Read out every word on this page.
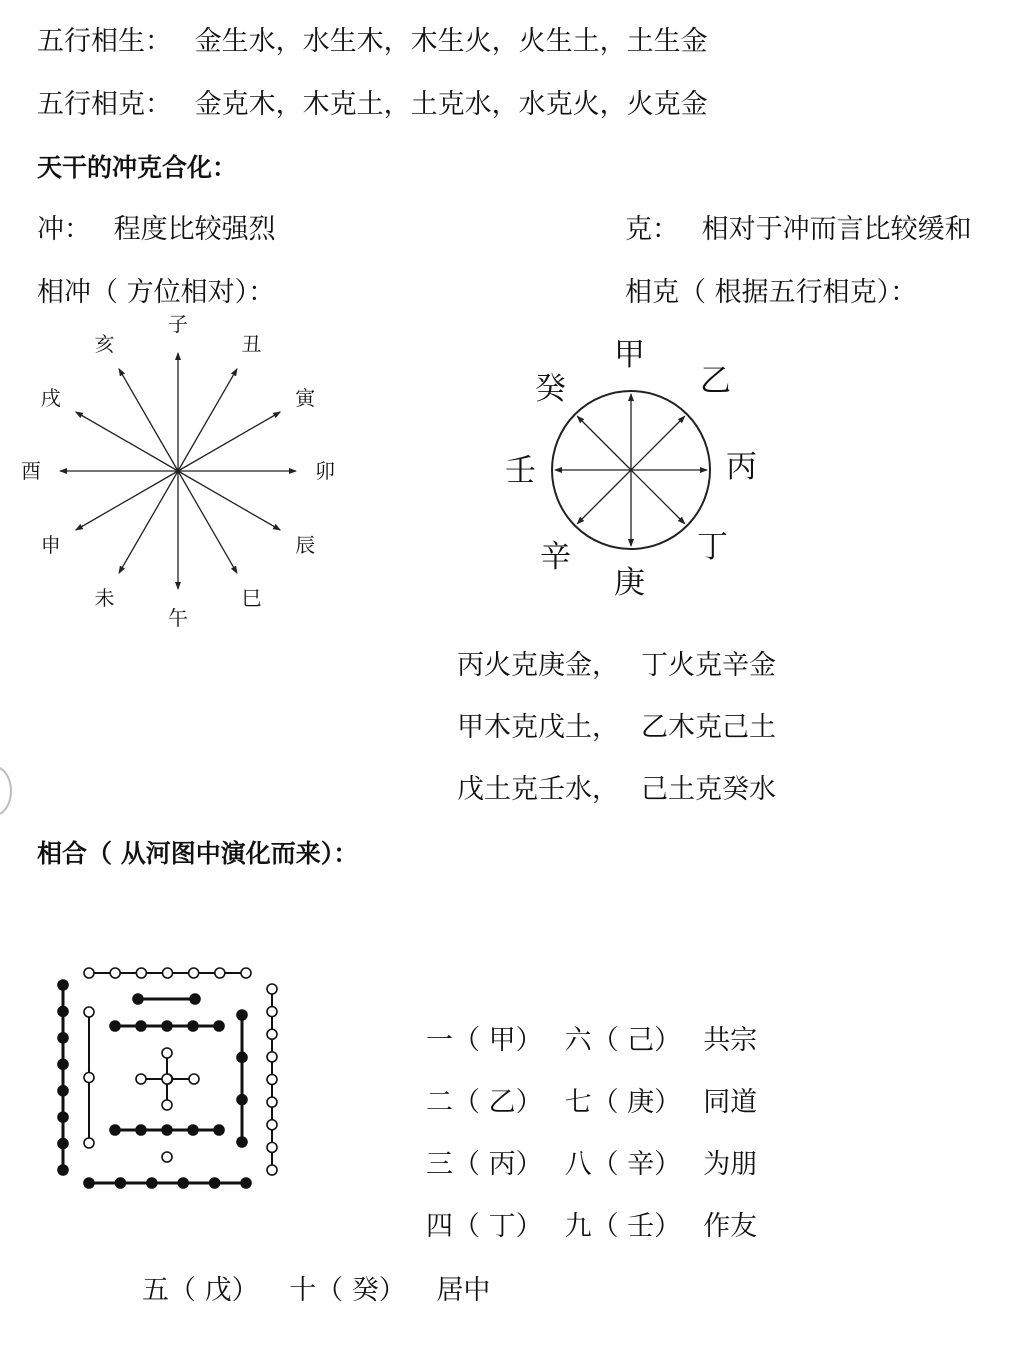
五行相生： 金生水，水生木，木生火，火生土，土生金
五行相克： 金克木，木克土，土克水，水克火，火克金
天干的冲克合化：
冲： 程度比较强烈	克： 相对于冲而言比较缓和
相冲（ 方位相对）：	相克（ 根据五行相克）：
子
丑
寅
卯
辰
巳
午
未
申
酉
戌
亥	甲
乙
丙
丁
庚
辛
壬
癸
丙火克庚金， 丁火克辛金
甲木克戊土， 乙木克己土
戊土克壬水， 己土克癸水
相合（ 从河图中演化而来）：
一（ 甲） 六（ 己） 共宗
二（ 乙） 七（ 庚） 同道
三（ 丙） 八（ 辛） 为朋
四（ 丁） 九（ 壬） 作友
五（ 戊） 十（ 癸） 居中
